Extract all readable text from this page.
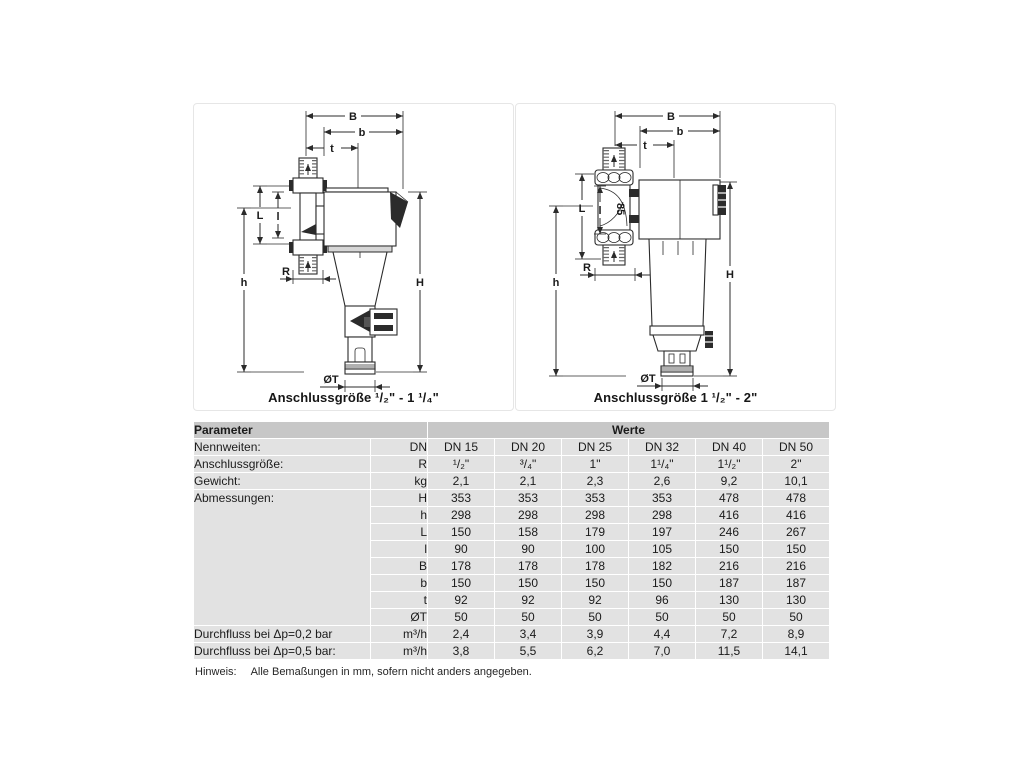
B
b
t
L l
h	H
R
ØT
Anschlussgröße ¹/₂" - 1 ¹/₄"
B
b
t
85
L l
h
H
R
ØT
Anschlussgröße 1 ¹/₂" - 2"
Parameter		Werte					
Nennweiten:	DN	DN 15	DN 20	DN 25	DN 32	DN 40	DN 50
Anschlussgröße:	R	¹/₂"	³/₄"	1"	1¹/₄"	1¹/₂"	2"
Gewicht:	kg	2,1	2,1	2,3	2,6	9,2	10,1
Abmessungen:	H	353	353	353	353	478	478
	h	298	298	298	298	416	416
	L	150	158	179	197	246	267
	l	90	90	100	105	150	150
	B	178	178	178	182	216	216
	b	150	150	150	150	187	187
	t	92	92	92	96	130	130
	ØT	50	50	50	50	50	50
Durchfluss bei Δp=0,2 bar	m³/h	2,4	3,4	3,9	4,4	7,2	8,9
Durchfluss bei Δp=0,5 bar:	m³/h	3,8	5,5	6,2	7,0	11,5	14,1
Hinweis: Alle Bemaßungen in mm, sofern nicht anders angegeben.
